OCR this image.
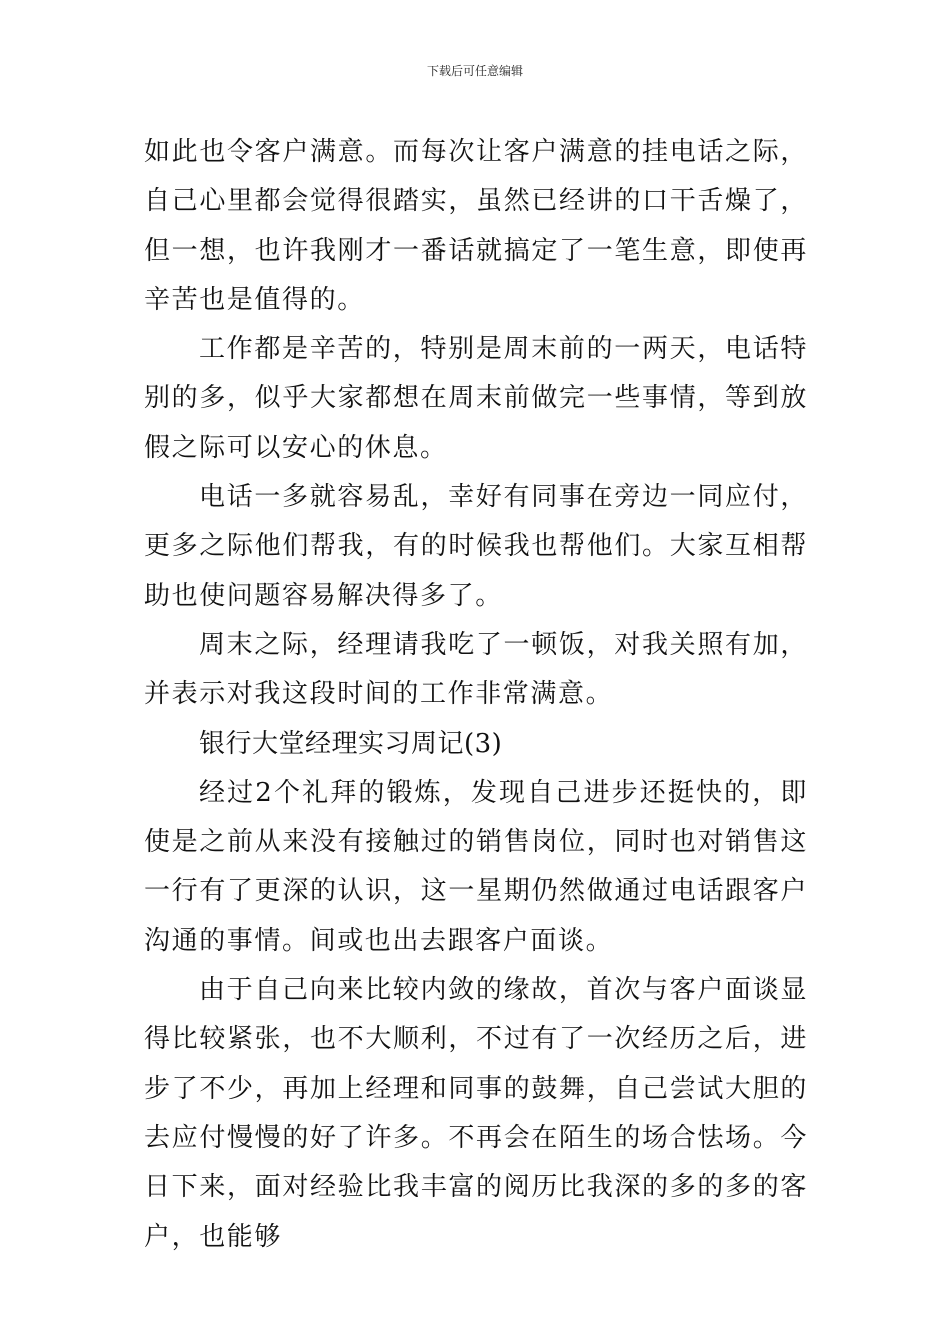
下载后可任意编辑

如此也令客户满意。而每次让客户满意的挂电话之际，自己心里都会觉得很踏实，虽然已经讲的口干舌燥了，但一想，也许我刚才一番话就搞定了一笔生意，即使再辛苦也是值得的。

工作都是辛苦的，特别是周末前的一两天，电话特别的多，似乎大家都想在周末前做完一些事情，等到放假之际可以安心的休息。

电话一多就容易乱，幸好有同事在旁边一同应付，更多之际他们帮我，有的时候我也帮他们。大家互相帮助也使问题容易解决得多了。

周末之际，经理请我吃了一顿饭，对我关照有加，并表示对我这段时间的工作非常满意。

银行大堂经理实习周记(3)

经过2个礼拜的锻炼，发现自己进步还挺快的，即使是之前从来没有接触过的销售岗位，同时也对销售这一行有了更深的认识，这一星期仍然做通过电话跟客户沟通的事情。间或也出去跟客户面谈。

由于自己向来比较内敛的缘故，首次与客户面谈显得比较紧张，也不大顺利，不过有了一次经历之后，进步了不少，再加上经理和同事的鼓舞，自己尝试大胆的去应付慢慢的好了许多。不再会在陌生的场合怯场。今日下来，面对经验比我丰富的阅历比我深的多的多的客户，也能够
